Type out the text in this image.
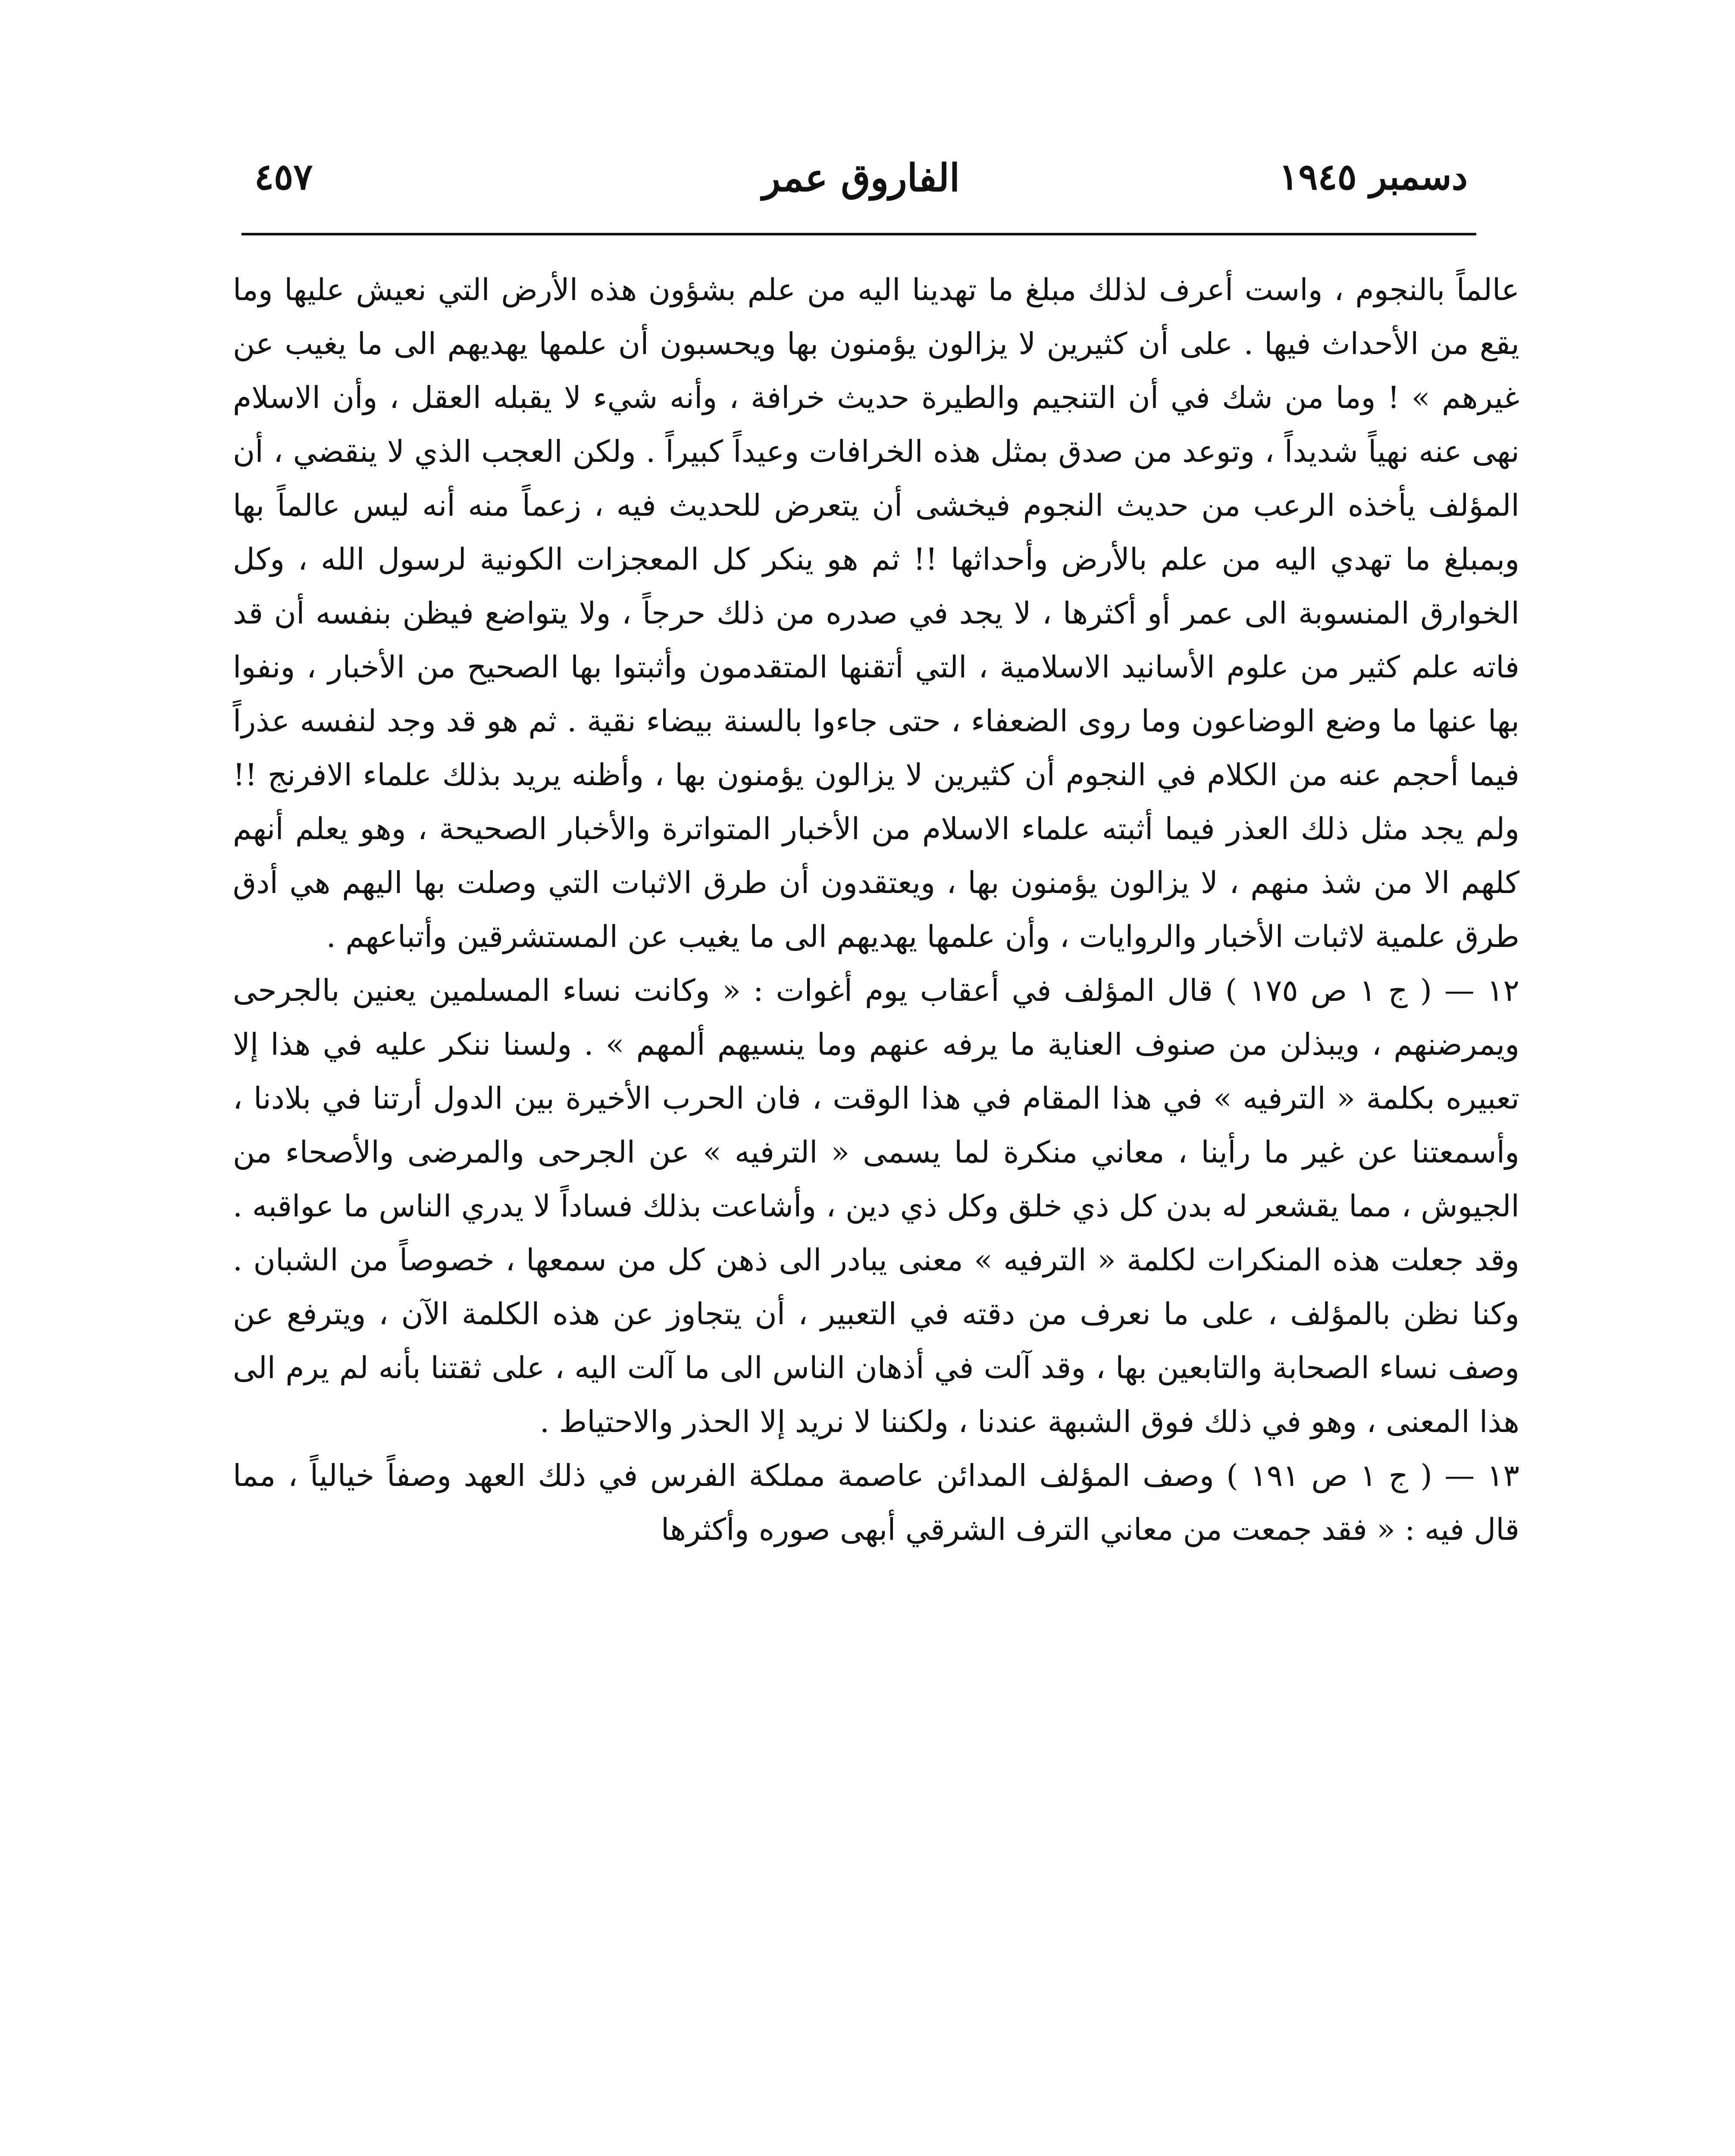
دسمبر ١٩٤٥
الفاروق عمر
٤٥٧

عالماً بالنجوم ، واست أعرف لذلك مبلغ ما تهدينا اليه من علم بشؤون هذه الأرض التي نعيش عليها وما يقع من الأحداث فيها . على أن كثيرين لا يزالون يؤمنون بها ويحسبون أن علمها يهديهم الى ما يغيب عن غيرهم » ! وما من شك في أن التنجيم والطيرة حديث خرافة ، وأنه شيء لا يقبله العقل ، وأن الاسلام نهى عنه نهياً شديداً ، وتوعد من صدق بمثل هذه الخرافات وعيداً كبيراً . ولكن العجب الذي لا ينقضي ، أن المؤلف يأخذه الرعب من حديث النجوم فيخشى أن يتعرض للحديث فيه ، زعماً منه أنه ليس عالماً بها وبمبلغ ما تهدي اليه من علم بالأرض وأحداثها !! ثم هو ينكر كل المعجزات الكونية لرسول الله ، وكل الخوارق المنسوبة الى عمر أو أكثرها ، لا يجد في صدره من ذلك حرجاً ، ولا يتواضع فيظن بنفسه أن قد فاته علم كثير من علوم الأسانيد الاسلامية ، التي أتقنها المتقدمون وأثبتوا بها الصحيح من الأخبار ، ونفوا بها عنها ما وضع الوضاعون وما روى الضعفاء ، حتى جاءوا بالسنة بيضاء نقية . ثم هو قد وجد لنفسه عذراً فيما أحجم عنه من الكلام في النجوم أن كثيرين لا يزالون يؤمنون بها ، وأظنه يريد بذلك علماء الافرنج !! ولم يجد مثل ذلك العذر فيما أثبته علماء الاسلام من الأخبار المتواترة والأخبار الصحيحة ، وهو يعلم أنهم كلهم الا من شذ منهم ، لا يزالون يؤمنون بها ، ويعتقدون أن طرق الاثبات التي وصلت بها اليهم هي أدق طرق علمية لاثبات الأخبار والروايات ، وأن علمها يهديهم الى ما يغيب عن المستشرقين وأتباعهم .

١٢ — ( ج ١ ص ١٧٥ ) قال المؤلف في أعقاب يوم أغوات : « وكانت نساء المسلمين يعنين بالجرحى ويمرضنهم ، ويبذلن من صنوف العناية ما يرفه عنهم وما ينسيهم ألمهم » . ولسنا ننكر عليه في هذا إلا تعبيره بكلمة « الترفيه » في هذا المقام في هذا الوقت ، فان الحرب الأخيرة بين الدول أرتنا في بلادنا ، وأسمعتنا عن غير ما رأينا ، معاني منكرة لما يسمى « الترفيه » عن الجرحى والمرضى والأصحاء من الجيوش ، مما يقشعر له بدن كل ذي خلق وكل ذي دين ، وأشاعت بذلك فساداً لا يدري الناس ما عواقبه . وقد جعلت هذه المنكرات لكلمة « الترفيه » معنى يبادر الى ذهن كل من سمعها ، خصوصاً من الشبان . وكنا نظن بالمؤلف ، على ما نعرف من دقته في التعبير ، أن يتجاوز عن هذه الكلمة الآن ، ويترفع عن وصف نساء الصحابة والتابعين بها ، وقد آلت في أذهان الناس الى ما آلت اليه ، على ثقتنا بأنه لم يرم الى هذا المعنى ، وهو في ذلك فوق الشبهة عندنا ، ولكننا لا نريد إلا الحذر والاحتياط .

١٣ — ( ج ١ ص ١٩١ ) وصف المؤلف المدائن عاصمة مملكة الفرس في ذلك العهد وصفاً خيالياً ، مما قال فيه : « فقد جمعت من معاني الترف الشرقي أبهى صوره وأكثرها
